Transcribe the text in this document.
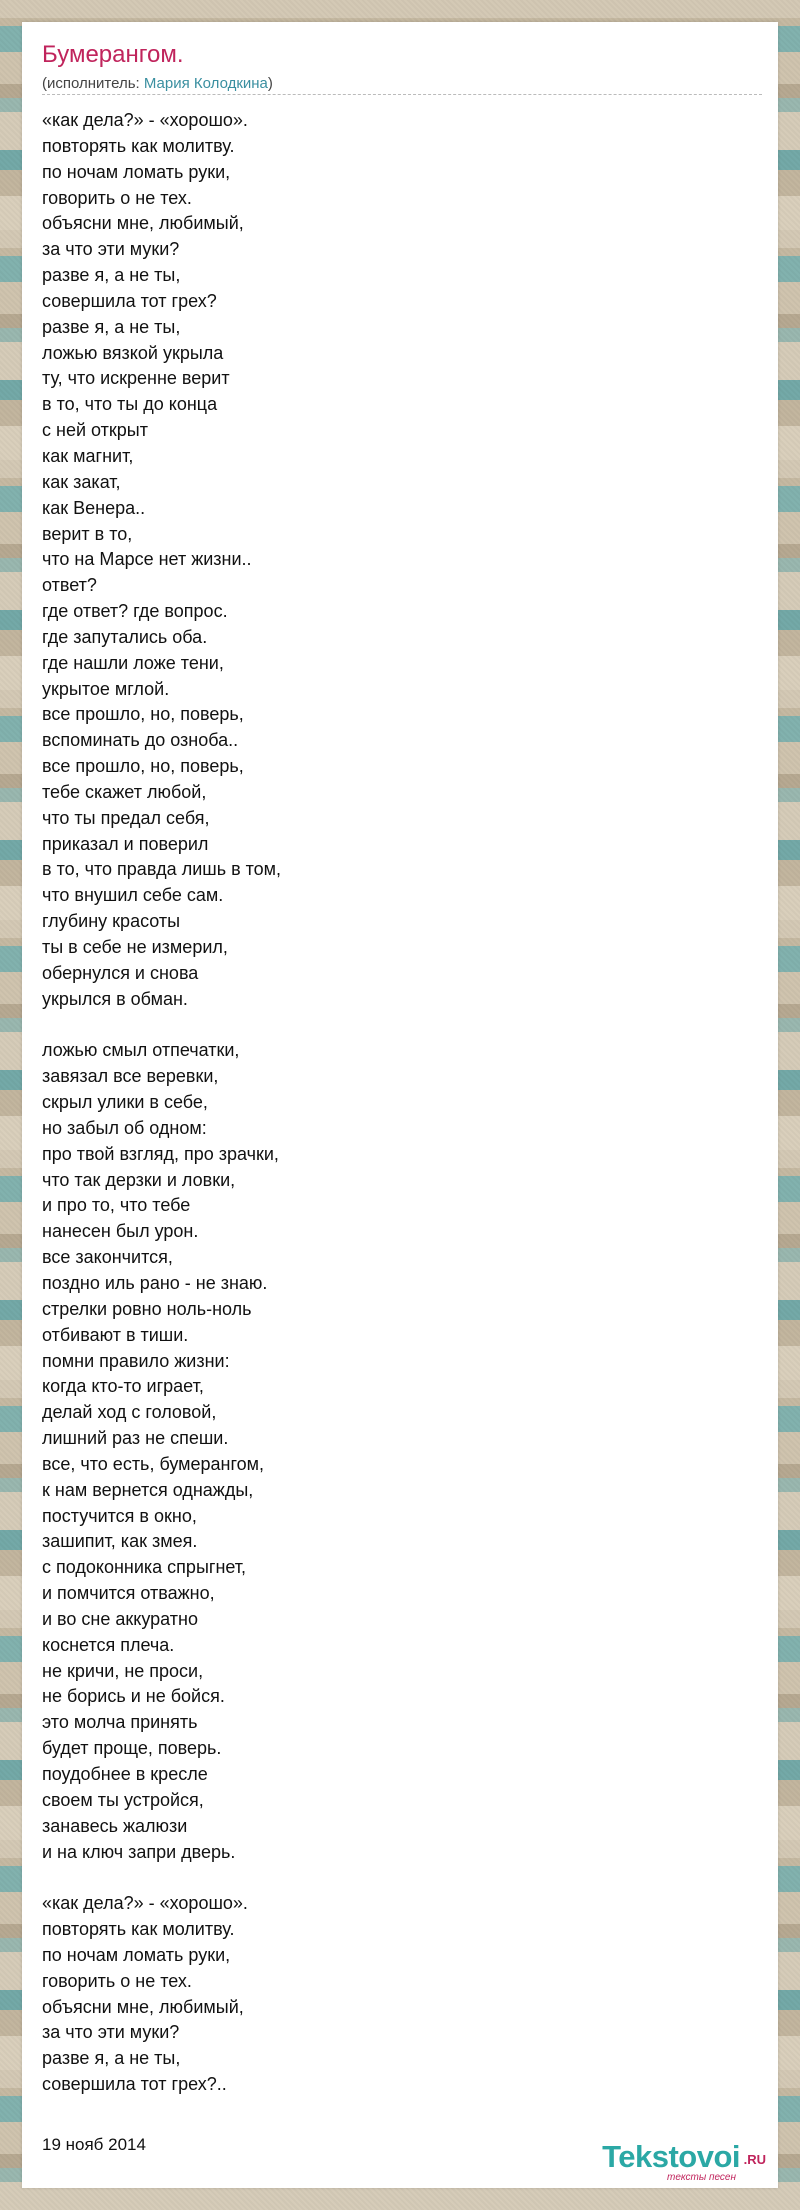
Бумерангом.
(исполнитель: Мария Колодкина)
«как дела?» - «хорошо».
повторять как молитву.
по ночам ломать руки,
говорить о не тех.
объясни мне, любимый,
за что эти муки?
разве я, а не ты,
совершила тот грех?
разве я, а не ты,
ложью вязкой укрыла
ту, что искренне верит
в то, что ты до конца
с ней открыт
как магнит,
как закат,
как Венера..
верит в то,
что на Марсе нет жизни..
ответ?
где ответ? где вопрос.
где запутались оба.
где нашли ложе тени,
укрытое мглой.
все прошло, но, поверь,
вспоминать до озноба..
все прошло, но, поверь,
тебе скажет любой,
что ты предал себя,
приказал и поверил
в то, что правда лишь в том,
что внушил себе сам.
глубину красоты
ты в себе не измерил,
обернулся и снова
укрылся в обман.
ложью смыл отпечатки,
завязал все веревки,
скрыл улики в себе,
но забыл об одном:
про твой взгляд, про зрачки,
что так дерзки и ловки,
и про то, что тебе
нанесен был урон.
все закончится,
поздно иль рано - не знаю.
стрелки ровно ноль-ноль
отбивают в тиши.
помни правило жизни:
когда кто-то играет,
делай ход с головой,
лишний раз не спеши.
все, что есть, бумерангом,
к нам вернется однажды,
постучится в окно,
зашипит, как змея.
с подоконника спрыгнет,
и помчится отважно,
и во сне аккуратно
коснется плеча.
не кричи, не проси,
не борись и не бойся.
это молча принять
будет проще, поверь.
поудобнее в кресле
своем ты устройся,
занавесь жалюзи
и на ключ запри дверь.
«как дела?» - «хорошо».
повторять как молитву.
по ночам ломать руки,
говорить о не тех.
объясни мне, любимый,
за что эти муки?
разве я, а не ты,
совершила тот грех?..
19 нояб 2014	Tekstovoi .RU
тексты песен
